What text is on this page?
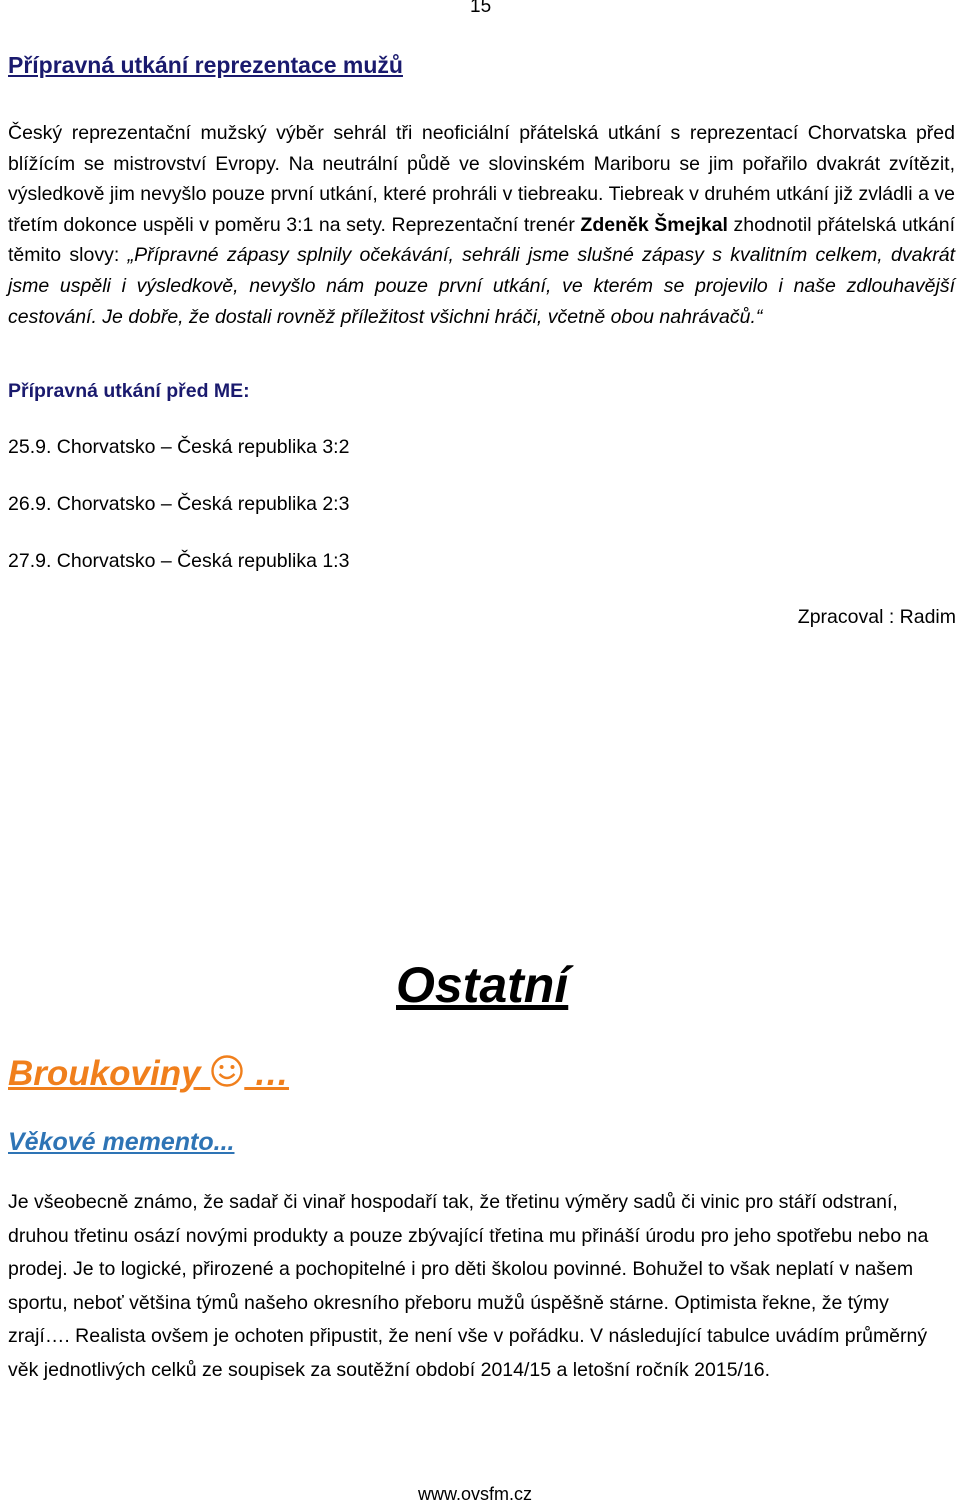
15
Přípravná utkání reprezentace mužů
Český reprezentační mužský výběr sehrál tři neoficiální přátelská utkání s reprezentací Chorvatska před blížícím se mistrovství Evropy. Na neutrální půdě ve slovinském Mariboru se jim pořařilo dvakrát zvítězit, výsledkově jim nevyšlo pouze první utkání, které prohráli v tiebreaku. Tiebreak v druhém utkání již zvládli a ve třetím dokonce uspěli v poměru 3:1 na sety. Reprezentační trenér Zdeněk Šmejkal zhodnotil přátelská utkání těmito slovy: „Přípravné zápasy splnily očekávání, sehráli jsme slušné zápasy s kvalitním celkem, dvakrát jsme uspěli i výsledkově, nevyšlo nám pouze první utkání, ve kterém se projevilo i naše zdlouhavější cestování. Je dobře, že dostali rovněž příležitost všichni hráči, včetně obou nahrávačů.“
Přípravná utkání před ME:
25.9. Chorvatsko – Česká republika 3:2
26.9. Chorvatsko – Česká republika 2:3
27.9. Chorvatsko – Česká republika 1:3
Zpracoval : Radim
Ostatní
Broukoviny …
Věkové memento...
Je všeobecně známo, že sadař či vinař hospodaří tak, že třetinu výměry sadů či vinic pro stáří odstraní, druhou třetinu osází novými produkty a pouze zbývající třetina mu přináší úrodu pro jeho spotřebu nebo na prodej. Je to logické, přirozené a pochopitelné i pro děti školou povinné. Bohužel to však neplatí v našem sportu, neboť většina týmů našeho okresního přeboru mužů úspěšně stárne. Optimista řekne, že týmy zrají…. Realista ovšem je ochoten připustit, že není vše v pořádku. V následující tabulce uvádím průměrný věk jednotlivých celků ze soupisek za soutěžní období 2014/15 a letošní ročník 2015/16.
www.ovsfm.cz
